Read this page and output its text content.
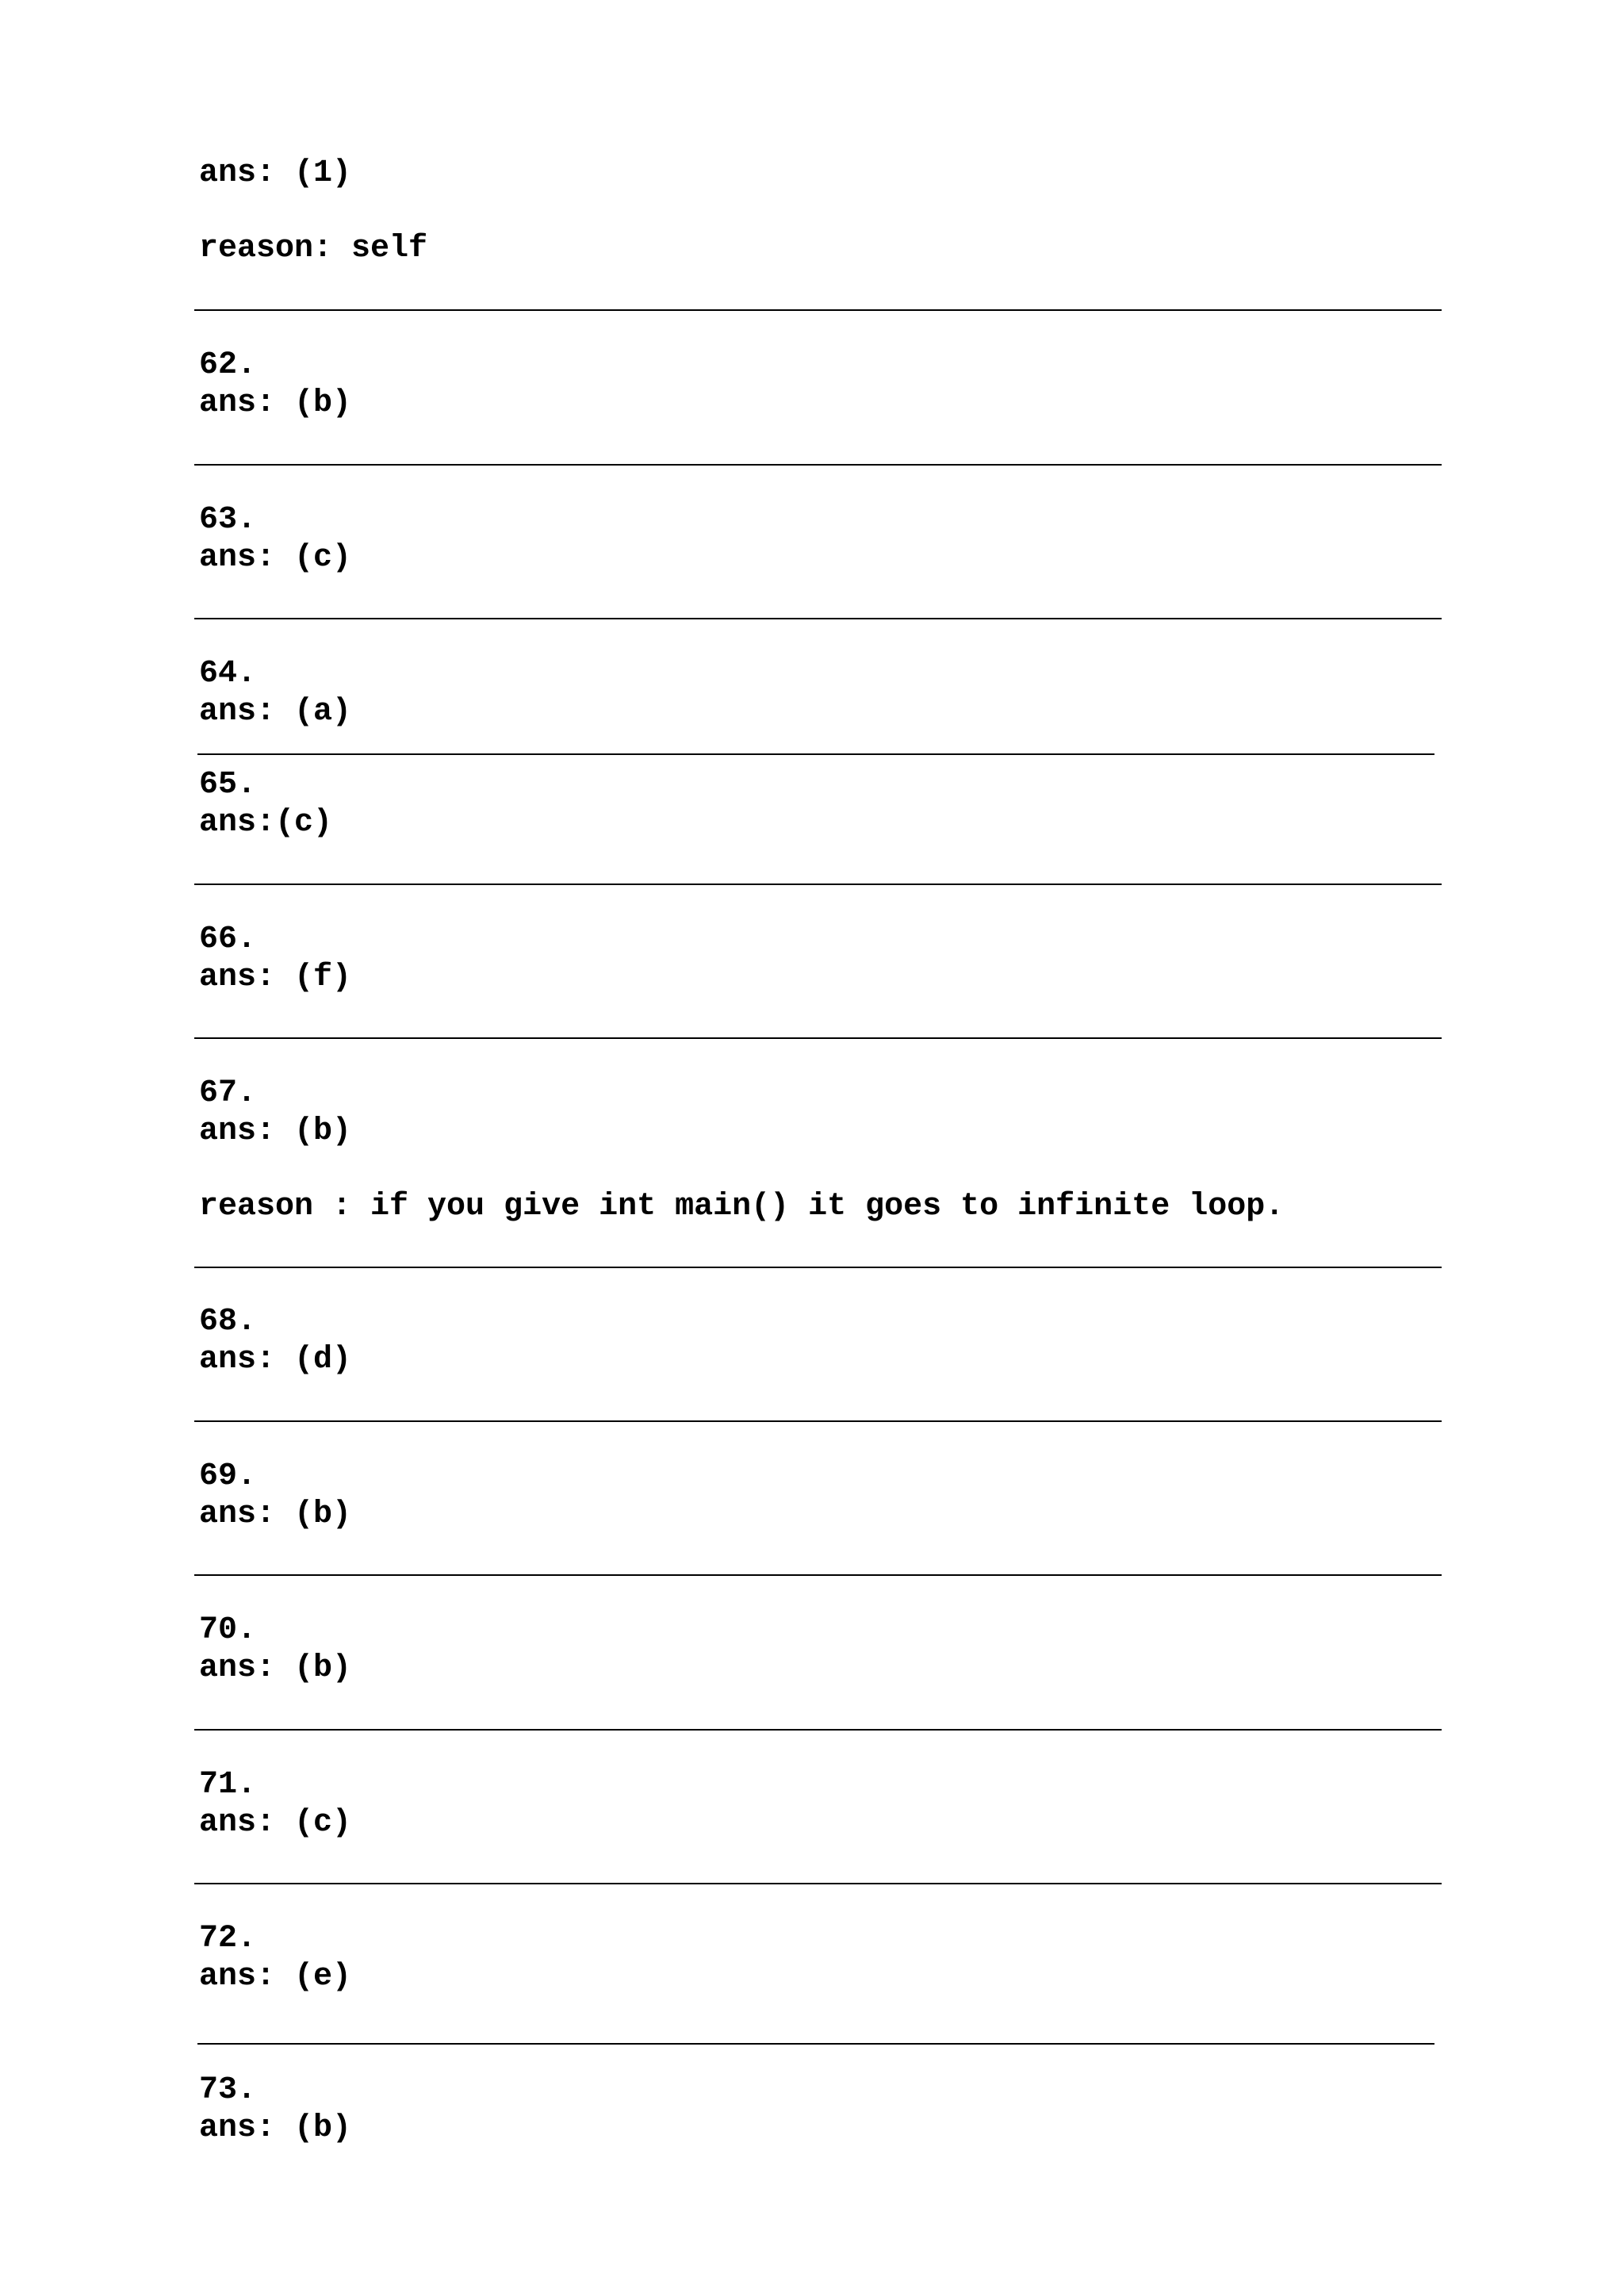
ans: (1)

reason: self

62.

ans: (b)

63.

ans: (c)

64.

ans: (a)

65.

ans:(c)

66.

ans: (f)

67.

ans: (b)

reason : if you give int main() it goes to infinite loop.

68.

ans: (d)

69.

ans: (b)

70.

ans: (b)

71.

ans: (c)

72.

ans: (e)

73.

ans: (b)
